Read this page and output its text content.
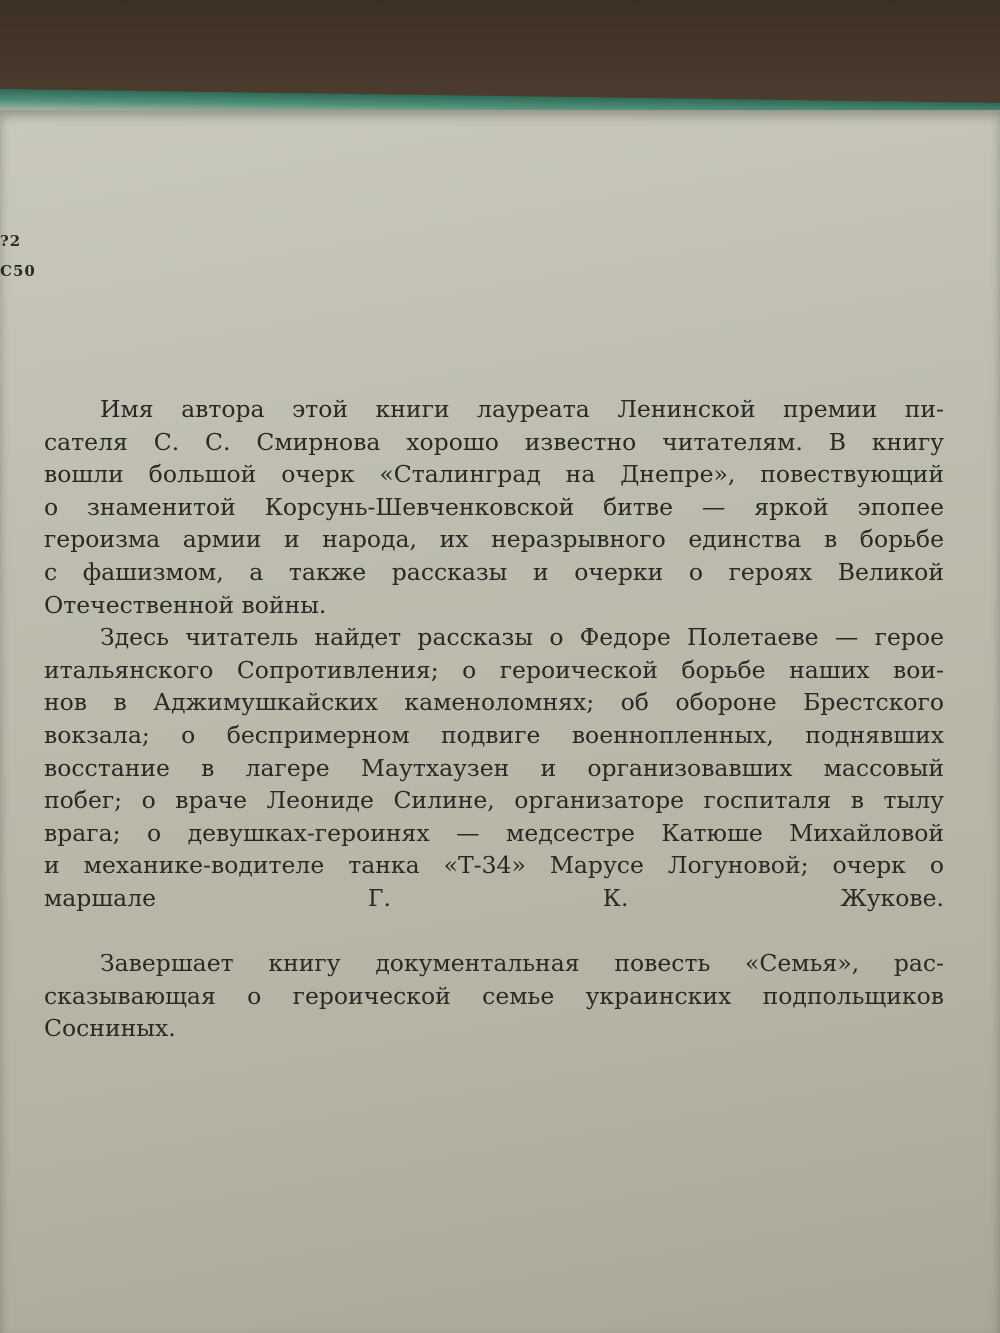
?2
С50
Имя автора этой книги лауреата Ленинской премии пи-
сателя С. С. Смирнова хорошо известно читателям. В книгу
вошли большой очерк «Сталинград на Днепре», повествующий
о знаменитой Корсунь-Шевченковской битве — яркой эпопее
героизма армии и народа, их неразрывного единства в борьбе
с фашизмом, а также рассказы и очерки о героях Великой
Отечественной войны.
Здесь читатель найдет рассказы о Федоре Полетаеве — герое
итальянского Сопротивления; о героической борьбе наших вои-
нов в Аджимушкайских каменоломнях; об обороне Брестского
вокзала; о беспримерном подвиге военнопленных, поднявших
восстание в лагере Маутхаузен и организовавших массовый
побег; о враче Леониде Силине, организаторе госпиталя в тылу
врага; о девушках-героинях — медсестре Катюше Михайловой
и механике-водителе танка «Т-34» Марусе Логуновой; очерк о
маршале Г. К. Жукове.
Завершает книгу документальная повесть «Семья», рас-
сказывающая о героической семье украинских подпольщиков
Сосниных.
